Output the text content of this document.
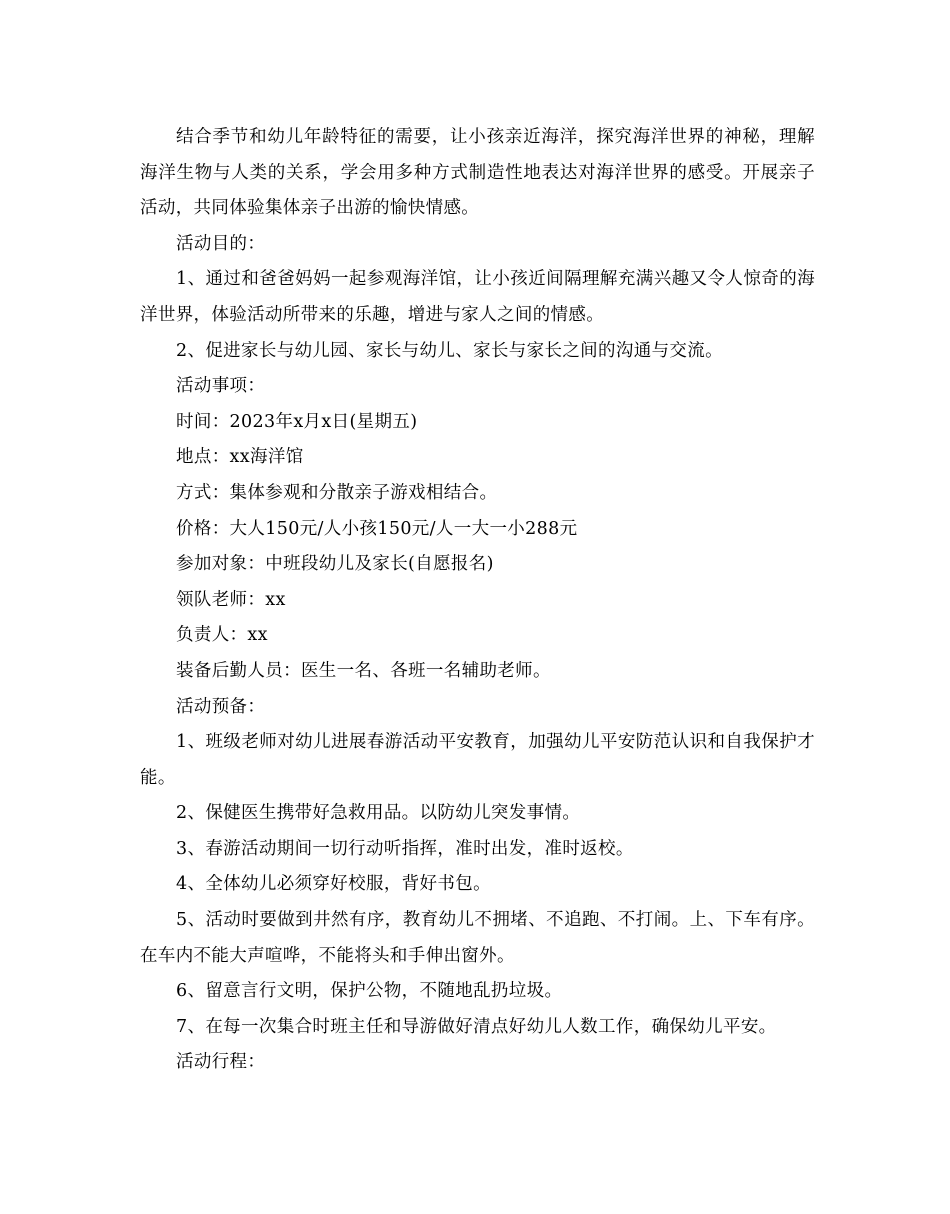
结合季节和幼儿年龄特征的需要，让小孩亲近海洋，探究海洋世界的神秘，理解海洋生物与人类的关系，学会用多种方式制造性地表达对海洋世界的感受。开展亲子活动，共同体验集体亲子出游的愉快情感。

活动目的：

1、通过和爸爸妈妈一起参观海洋馆，让小孩近间隔理解充满兴趣又令人惊奇的海洋世界，体验活动所带来的乐趣，增进与家人之间的情感。

2、促进家长与幼儿园、家长与幼儿、家长与家长之间的沟通与交流。

活动事项：

时间：2023年x月x日(星期五)

地点：xx海洋馆

方式：集体参观和分散亲子游戏相结合。

价格：大人150元/人小孩150元/人一大一小288元

参加对象：中班段幼儿及家长(自愿报名)

领队老师：xx

负责人：xx

装备后勤人员：医生一名、各班一名辅助老师。

活动预备：

1、班级老师对幼儿进展春游活动平安教育，加强幼儿平安防范认识和自我保护才能。

2、保健医生携带好急救用品。以防幼儿突发事情。

3、春游活动期间一切行动听指挥，准时出发，准时返校。

4、全体幼儿必须穿好校服，背好书包。

5、活动时要做到井然有序，教育幼儿不拥堵、不追跑、不打闹。上、下车有序。在车内不能大声喧哗，不能将头和手伸出窗外。

6、留意言行文明，保护公物，不随地乱扔垃圾。

7、在每一次集合时班主任和导游做好清点好幼儿人数工作，确保幼儿平安。

活动行程：
